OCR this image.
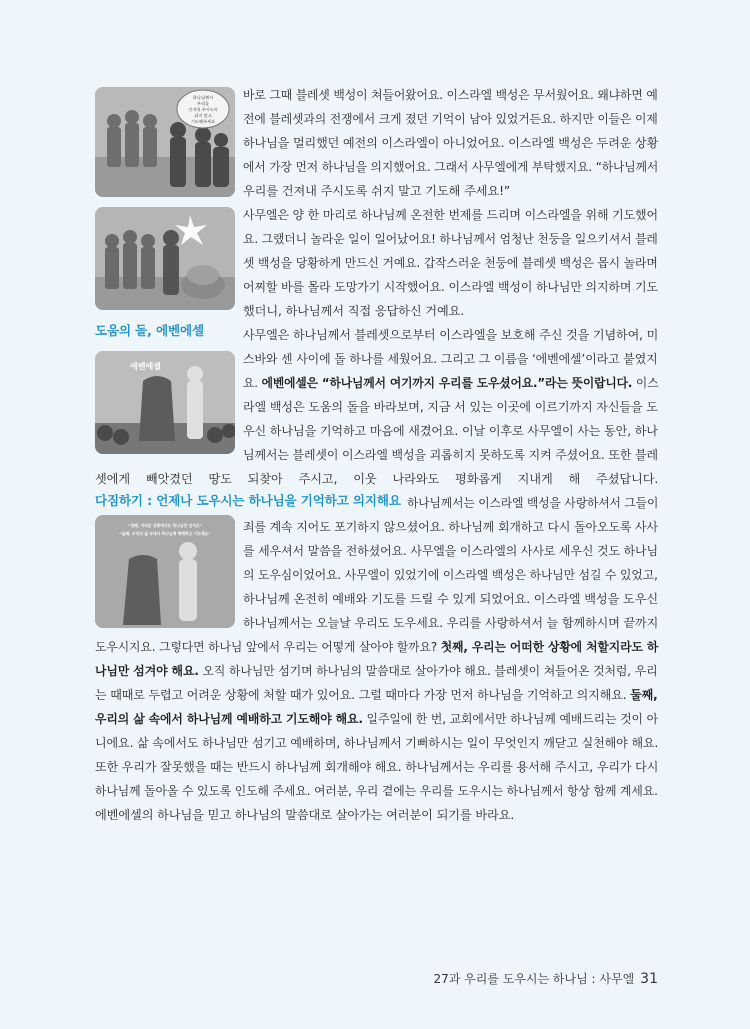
하나님께서
우리를
건져내 주시도록
쉬지 말고
기도해주세요
에벤에셀
“첫째, 어려운 상황에서도 하나님만 섬겨요”
“둘째, 우리의 삶 속에서 하나님께 예배하고 기도해요”
도움의 돌, 에벤에셀
다짐하기 : 언제나 도우시는 하나님을 기억하고 의지해요
바로 그때 블레셋 백성이 쳐들어왔어요. 이스라엘 백성은 무서웠어요. 왜냐하면 예
전에 블레셋과의 전쟁에서 크게 졌던 기억이 남아 있었거든요. 하지만 이들은 이제
하나님을 멀리했던 예전의 이스라엘이 아니었어요. 이스라엘 백성은 두려운 상황
에서 가장 먼저 하나님을 의지했어요. 그래서 사무엘에게 부탁했지요. “하나님께서
우리를 건져내 주시도록 쉬지 말고 기도해 주세요!”
사무엘은 양 한 마리로 하나님께 온전한 번제를 드리며 이스라엘을 위해 기도했어
요. 그랬더니 놀라운 일이 일어났어요! 하나님께서 엄청난 천둥을 일으키셔서 블레
셋 백성을 당황하게 만드신 거예요. 갑작스러운 천둥에 블레셋 백성은 몹시 놀라며
어찌할 바를 몰라 도망가기 시작했어요. 이스라엘 백성이 하나님만 의지하며 기도
했더니, 하나님께서 직접 응답하신 거예요.
사무엘은 하나님께서 블레셋으로부터 이스라엘을 보호해 주신 것을 기념하여, 미
스바와 센 사이에 돌 하나를 세웠어요. 그리고 그 이름을 ‘에벤에셀’이라고 붙였지
요. 에벤에셀은 “하나님께서 여기까지 우리를 도우셨어요.”라는 뜻이랍니다. 이스
라엘 백성은 도움의 돌을 바라보며, 지금 서 있는 이곳에 이르기까지 자신들을 도
우신 하나님을 기억하고 마음에 새겼어요. 이날 이후로 사무엘이 사는 동안, 하나
님께서는 블레셋이 이스라엘 백성을 괴롭히지 못하도록 지켜 주셨어요. 또한 블레
셋에게 빼앗겼던 땅도 되찾아 주시고, 이웃 나라와도 평화롭게 지내게 해 주셨답니다.
하나님께서는 이스라엘 백성을 사랑하셔서 그들이
죄를 계속 지어도 포기하지 않으셨어요. 하나님께 회개하고 다시 돌아오도록 사사
를 세우셔서 말씀을 전하셨어요. 사무엘을 이스라엘의 사사로 세우신 것도 하나님
의 도우심이었어요. 사무엘이 있었기에 이스라엘 백성은 하나님만 섬길 수 있었고,
하나님께 온전히 예배와 기도를 드릴 수 있게 되었어요. 이스라엘 백성을 도우신
하나님께서는 오늘날 우리도 도우세요. 우리를 사랑하셔서 늘 함께하시며 끝까지
도우시지요. 그렇다면 하나님 앞에서 우리는 어떻게 살아야 할까요? 첫째, 우리는 어떠한 상황에 처할지라도 하
나님만 섬겨야 해요. 오직 하나님만 섬기며 하나님의 말씀대로 살아가야 해요. 블레셋이 쳐들어온 것처럼, 우리
는 때때로 두렵고 어려운 상황에 처할 때가 있어요. 그럴 때마다 가장 먼저 하나님을 기억하고 의지해요. 둘째,
우리의 삶 속에서 하나님께 예배하고 기도해야 해요. 일주일에 한 번, 교회에서만 하나님께 예배드리는 것이 아
니에요. 삶 속에서도 하나님만 섬기고 예배하며, 하나님께서 기뻐하시는 일이 무엇인지 깨닫고 실천해야 해요.
또한 우리가 잘못했을 때는 반드시 하나님께 회개해야 해요. 하나님께서는 우리를 용서해 주시고, 우리가 다시
하나님께 돌아올 수 있도록 인도해 주세요. 여러분, 우리 곁에는 우리를 도우시는 하나님께서 항상 함께 계세요.
에벤에셀의 하나님을 믿고 하나님의 말씀대로 살아가는 여러분이 되기를 바라요.
27과 우리를 도우시는 하나님 : 사무엘 31
